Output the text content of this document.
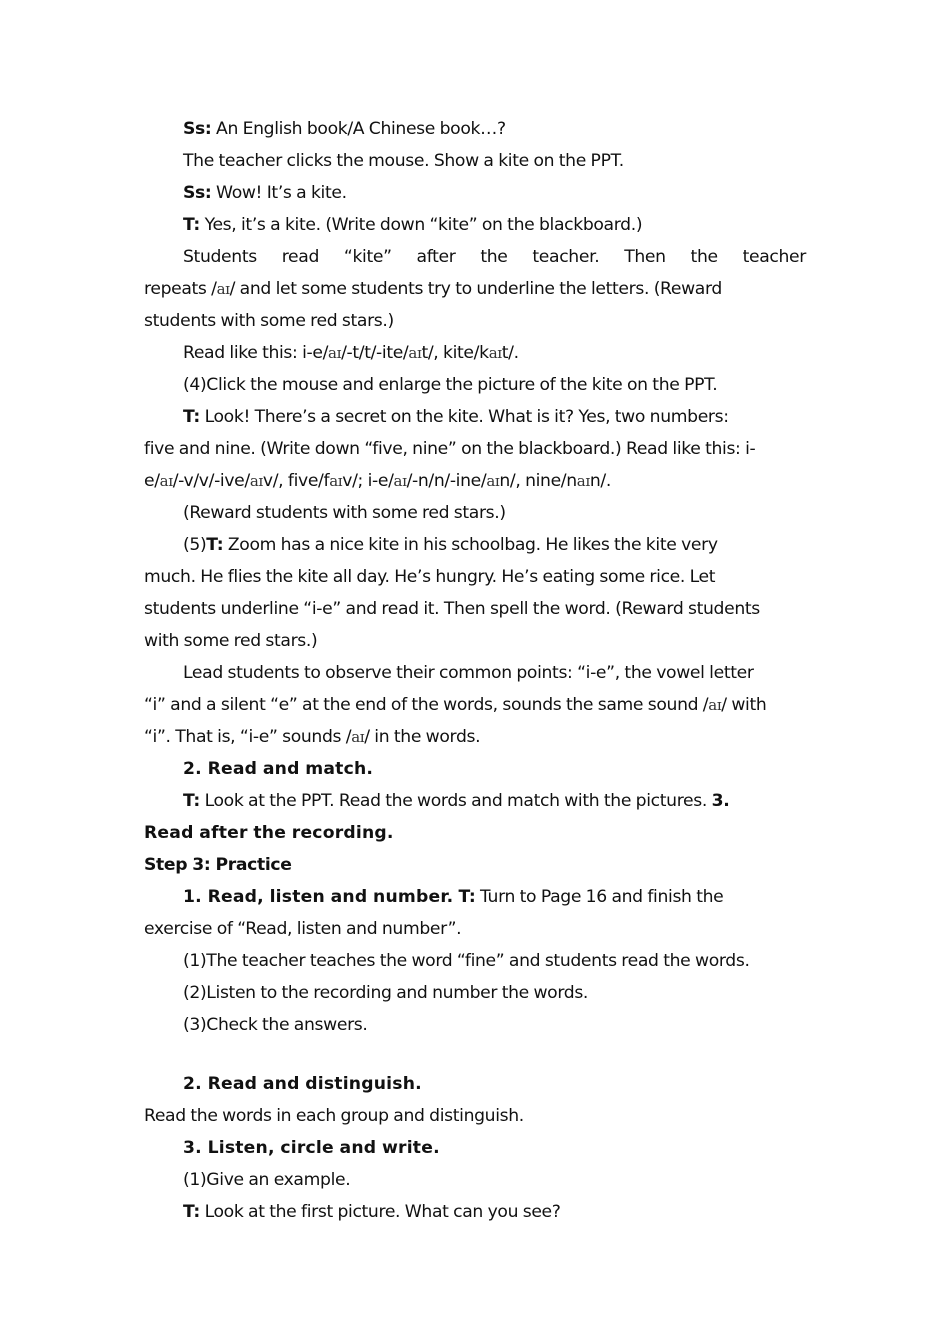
Ss: An English book/A Chinese book…?
The teacher clicks the mouse. Show a kite on the PPT.
Ss: Wow! It’s a kite.
T: Yes, it’s a kite. (Write down “kite” on the blackboard.)
Students read “kite” after the teacher. Then the teacher
repeats /aɪ/ and let some students try to underline the letters. (Reward
students with some red stars.)
Read like this: i-e/aɪ/-t/t/-ite/aɪt/, kite/kaɪt/.
(4)Click the mouse and enlarge the picture of the kite on the PPT.
T: Look! There’s a secret on the kite. What is it? Yes, two numbers:
five and nine. (Write down “five, nine” on the blackboard.) Read like this: i-
e/aɪ/-v/v/-ive/aɪv/, five/faɪv/; i-e/aɪ/-n/n/-ine/aɪn/, nine/naɪn/.
(Reward students with some red stars.)
(5)T: Zoom has a nice kite in his schoolbag. He likes the kite very
much. He flies the kite all day. He’s hungry. He’s eating some rice. Let
students underline “i-e” and read it. Then spell the word. (Reward students
with some red stars.)
Lead students to observe their common points: “i-e”, the vowel letter
“i” and a silent “e” at the end of the words, sounds the same sound /aɪ/ with
“i”. That is, “i-e” sounds /aɪ/ in the words.
2. Read and match.
T: Look at the PPT. Read the words and match with the pictures. 3.
Read after the recording.
Step 3: Practice
1. Read, listen and number. T: Turn to Page 16 and finish the
exercise of “Read, listen and number”.
(1)The teacher teaches the word “fine” and students read the words.
(2)Listen to the recording and number the words.
(3)Check the answers.
2. Read and distinguish.
Read the words in each group and distinguish.
3. Listen, circle and write.
(1)Give an example.
T: Look at the first picture. What can you see?
